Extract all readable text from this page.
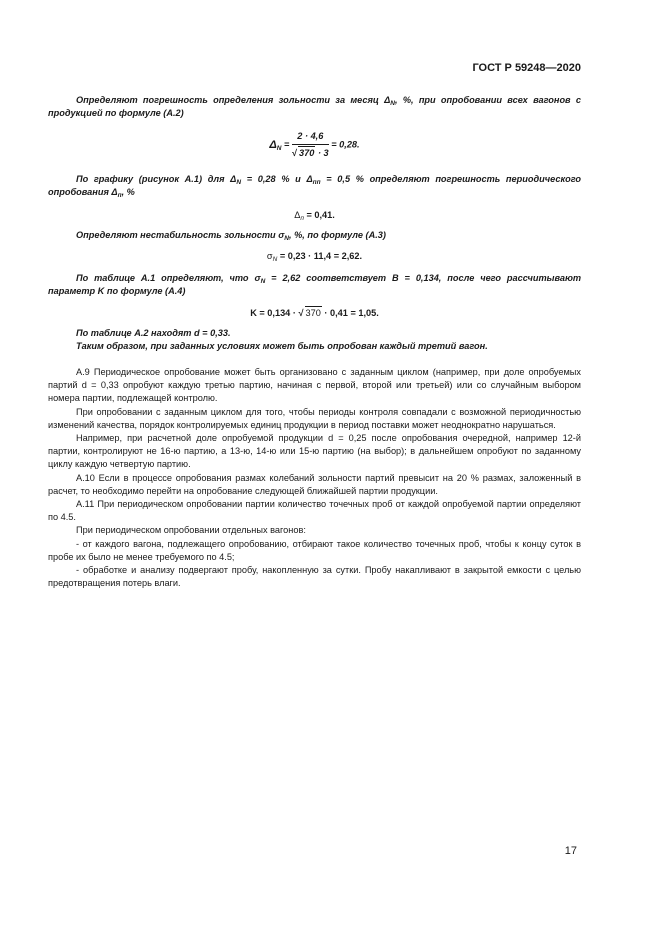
ГОСТ Р 59248—2020

Определяют погрешность определения зольности за месяц $\Delta_N$, %, при опробовании всех вагонов с продукцией по формуле (А.2)

$\Delta_N = \frac{2 \cdot 4,6}{√ 370 \cdot 3} = 0,28$.

По графику (рисунок А.1) для $\Delta_N = 0,28$ % и $\Delta_{пп} = 0,5$ % определяют погрешность периодического опробования $\Delta_п$, %

$\Delta_п = 0,41$.

Определяют нестабильность зольности $\sigma_N$, %, по формуле (А.3)

$\sigma_N = 0,23 \cdot 11,4 = 2,62$.

По таблице А.1 определяют, что $\sigma_N = 2,62$ соответствует B = 0,134, после чего рассчитывают параметр K по формуле (А.4)

K = 0,134 · √ 370 · 0,41 = 1,05.

По таблице А.2 находят d = 0,33.

Таким образом, при заданных условиях может быть опробован каждый третий вагон.

А.9 Периодическое опробование может быть организовано с заданным циклом (например, при доле опробуемых партий d = 0,33 опробуют каждую третью партию, начиная с первой, второй или третьей) или со случайным выбором номера партии, подлежащей контролю.

При опробовании с заданным циклом для того, чтобы периоды контроля совпадали с возможной периодичностью изменений качества, порядок контролируемых единиц продукции в период поставки может неоднократно нарушаться.

Например, при расчетной доле опробуемой продукции d = 0,25 после опробования очередной, например 12-й партии, контролируют не 16-ю партию, а 13-ю, 14-ю или 15-ю партию (на выбор); в дальнейшем опробуют по заданному циклу каждую четвертую партию.

А.10 Если в процессе опробования размах колебаний зольности партий превысит на 20 % размах, заложенный в расчет, то необходимо перейти на опробование следующей ближайшей партии продукции.

А.11 При периодическом опробовании партии количество точечных проб от каждой опробуемой партии определяют по 4.5.

При периодическом опробовании отдельных вагонов:

- от каждого вагона, подлежащего опробованию, отбирают такое количество точечных проб, чтобы к концу суток в пробе их было не менее требуемого по 4.5;

- обработке и анализу подвергают пробу, накопленную за сутки. Пробу накапливают в закрытой емкости с целью предотвращения потерь влаги.

17
